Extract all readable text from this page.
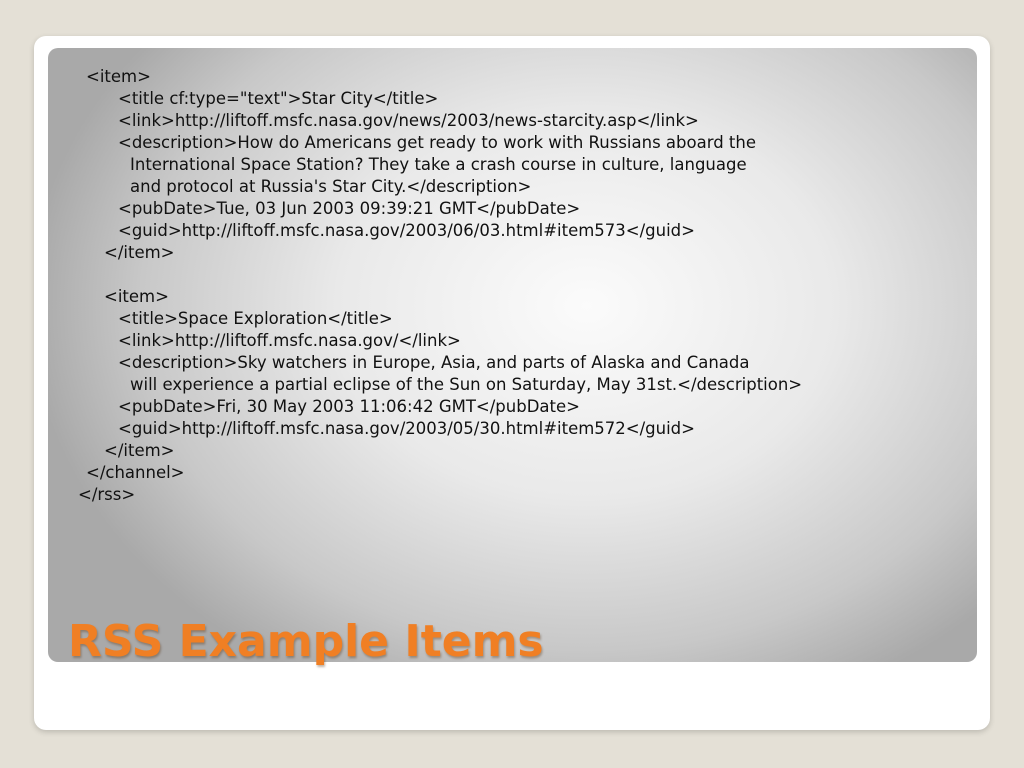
<item>
<title cf:type="text">Star City</title>
<link>http://liftoff.msfc.nasa.gov/news/2003/news-starcity.asp</link>
<description>How do Americans get ready to work with Russians aboard the
International Space Station? They take a crash course in culture, language
and protocol at Russia's Star City.</description>
<pubDate>Tue, 03 Jun 2003 09:39:21 GMT</pubDate>
<guid>http://liftoff.msfc.nasa.gov/2003/06/03.html#item573</guid>
</item>
<item>
<title>Space Exploration</title>
<link>http://liftoff.msfc.nasa.gov/</link>
<description>Sky watchers in Europe, Asia, and parts of Alaska and Canada
will experience a partial eclipse of the Sun on Saturday, May 31st.</description>
<pubDate>Fri, 30 May 2003 11:06:42 GMT</pubDate>
<guid>http://liftoff.msfc.nasa.gov/2003/05/30.html#item572</guid>
</item>
</channel>
</rss>
RSS Example Items
